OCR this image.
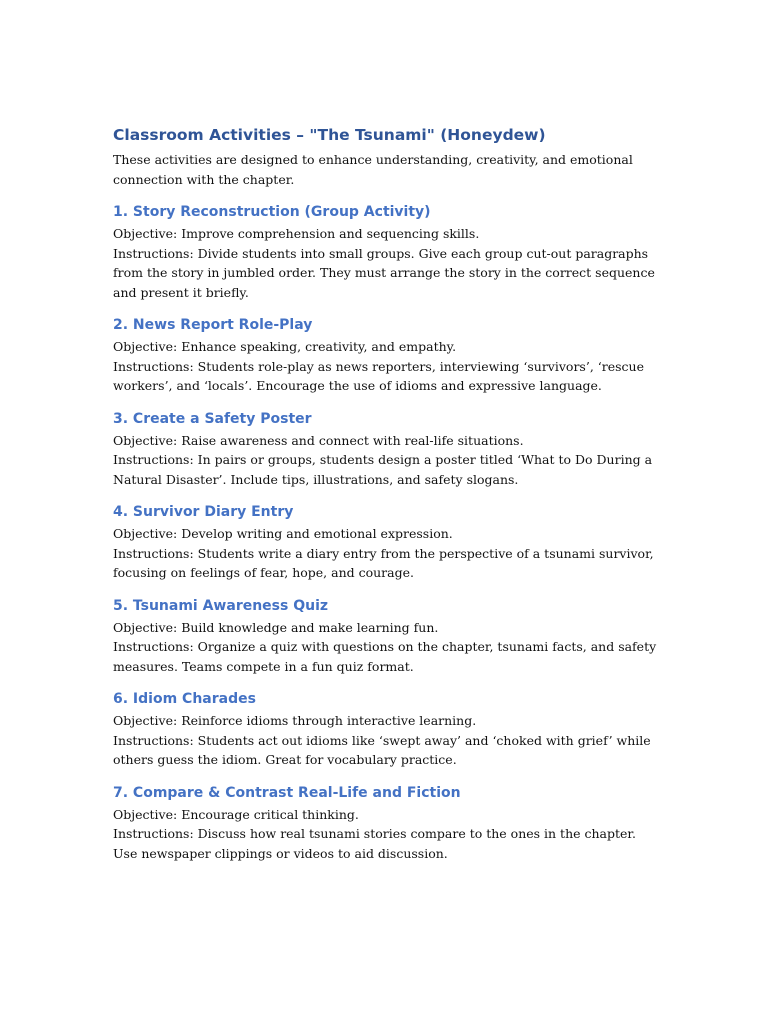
Classroom Activities – "The Tsunami" (Honeydew)

These activities are designed to enhance understanding, creativity, and emotional connection with the chapter.

1. Story Reconstruction (Group Activity)

Objective: Improve comprehension and sequencing skills.

Instructions: Divide students into small groups. Give each group cut-out paragraphs from the story in jumbled order. They must arrange the story in the correct sequence and present it briefly.

2. News Report Role-Play

Objective: Enhance speaking, creativity, and empathy.

Instructions: Students role-play as news reporters, interviewing ‘survivors’, ‘rescue workers’, and ‘locals’. Encourage the use of idioms and expressive language.

3. Create a Safety Poster

Objective: Raise awareness and connect with real-life situations.

Instructions: In pairs or groups, students design a poster titled ‘What to Do During a Natural Disaster’. Include tips, illustrations, and safety slogans.

4. Survivor Diary Entry

Objective: Develop writing and emotional expression.

Instructions: Students write a diary entry from the perspective of a tsunami survivor, focusing on feelings of fear, hope, and courage.

5. Tsunami Awareness Quiz

Objective: Build knowledge and make learning fun.

Instructions: Organize a quiz with questions on the chapter, tsunami facts, and safety measures. Teams compete in a fun quiz format.

6. Idiom Charades

Objective: Reinforce idioms through interactive learning.

Instructions: Students act out idioms like ‘swept away’ and ‘choked with grief’ while others guess the idiom. Great for vocabulary practice.

7. Compare & Contrast Real-Life and Fiction

Objective: Encourage critical thinking.

Instructions: Discuss how real tsunami stories compare to the ones in the chapter. Use newspaper clippings or videos to aid discussion.
